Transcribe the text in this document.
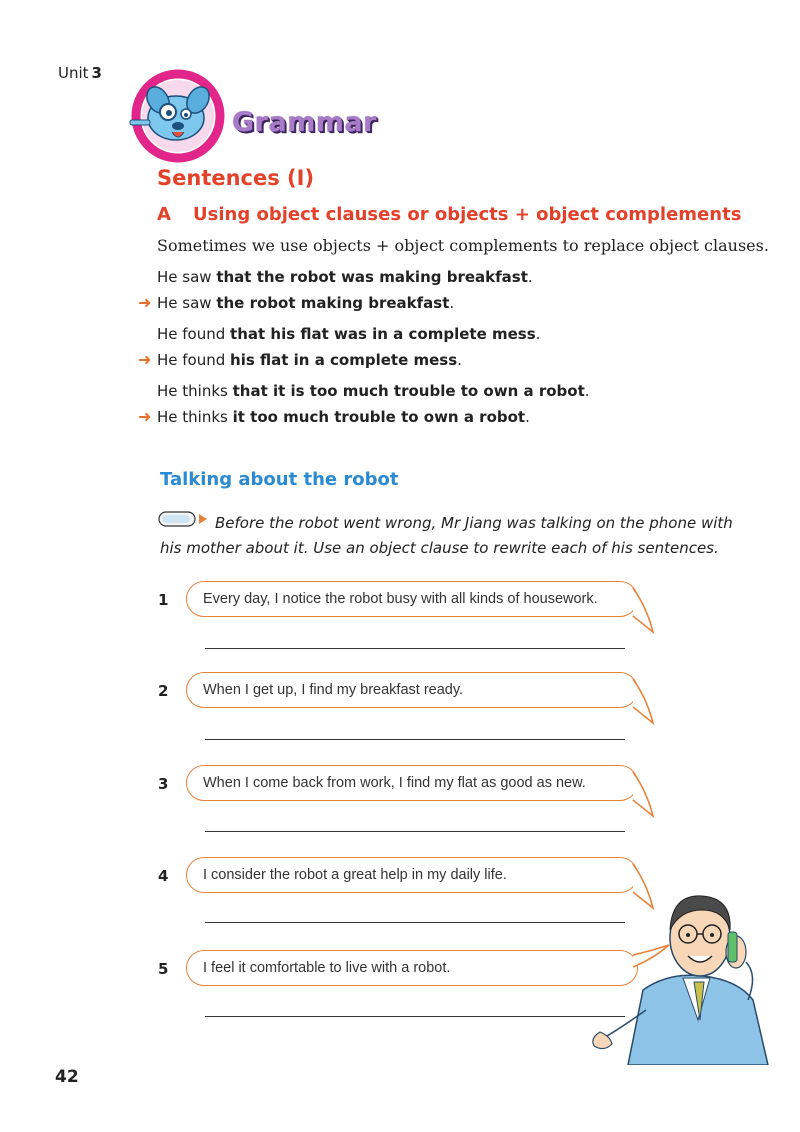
Unit 3
Grammar
Sentences (I)
A Using object clauses or objects + object complements
Sometimes we use objects + object complements to replace object clauses.
He saw that the robot was making breakfast.
➜ He saw the robot making breakfast.
He found that his flat was in a complete mess.
➜ He found his flat in a complete mess.
He thinks that it is too much trouble to own a robot.
➜ He thinks it too much trouble to own a robot.
Talking about the robot
Before the robot went wrong, Mr Jiang was talking on the phone with his mother about it. Use an object clause to rewrite each of his sentences.
1 Every day, I notice the robot busy with all kinds of housework.
2 When I get up, I find my breakfast ready.
3 When I come back from work, I find my flat as good as new.
4 I consider the robot a great help in my daily life.
5 I feel it comfortable to live with a robot.
42
